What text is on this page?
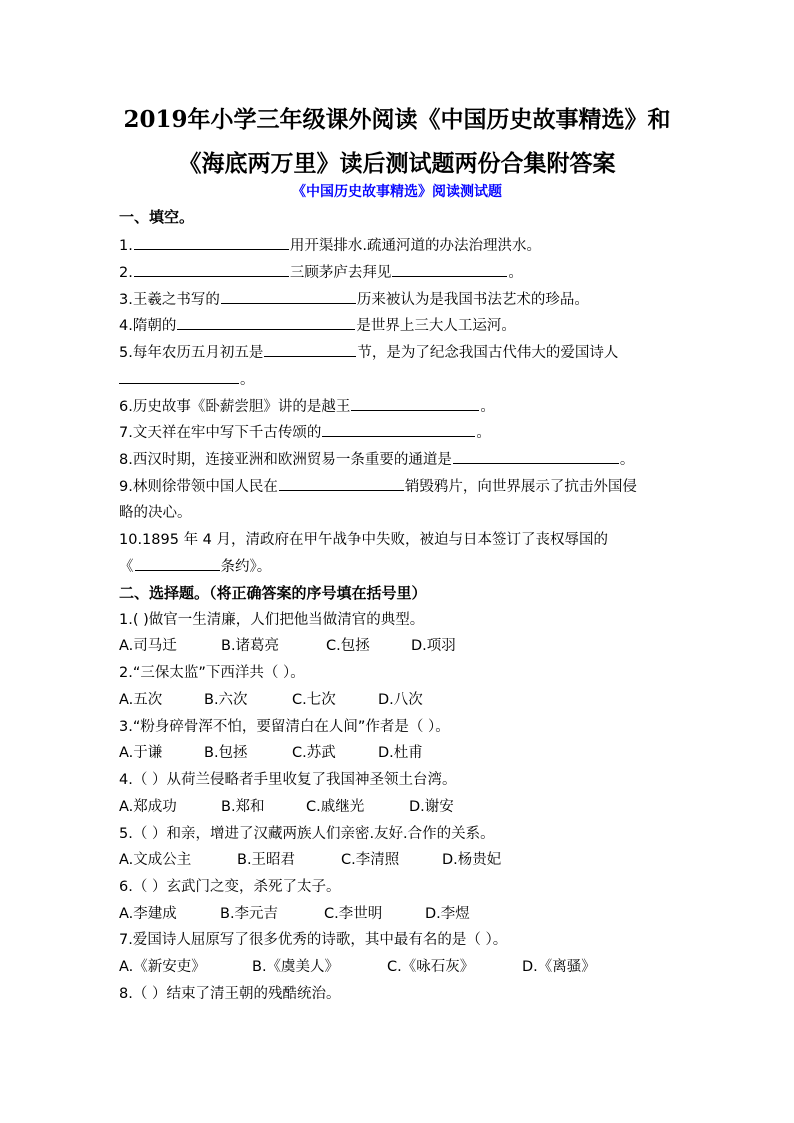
2019年小学三年级课外阅读《中国历史故事精选》和
《海底两万里》读后测试题两份合集附答案
《中国历史故事精选》阅读测试题
一、填空。
1.	用开渠排水.疏通河道的办法治理洪水。
2.	三顾茅庐去拜见	。
3.王羲之书写的	历来被认为是我国书法艺术的珍品。
4.隋朝的	是世界上三大人工运河。
5.每年农历五月初五是	节，是为了纪念我国古代伟大的爱国诗人
。
6.历史故事《卧薪尝胆》讲的是越王	。
7.文天祥在牢中写下千古传颂的	。
8.西汉时期，连接亚洲和欧洲贸易一条重要的通道是	。
9.林则徐带领中国人民在	销毁鸦片，向世界展示了抗击外国侵
略的决心。
10.1895 年 4 月，清政府在甲午战争中失败，被迫与日本签订了丧权辱国的
《	条约》。
二、选择题。（将正确答案的序号填在括号里）
1.( )做官一生清廉，人们把他当做清官的典型。
A.司马迁	B.诸葛亮	C.包拯	D.项羽
2.“三保太监”下西洋共（ ）。
A.五次	B.六次	C.七次	D.八次
3.“粉身碎骨浑不怕，要留清白在人间”作者是（ ）。
A.于谦	B.包拯	C.苏武	D.杜甫
4.（ ）从荷兰侵略者手里收复了我国神圣领土台湾。
A.郑成功	B.郑和	C.戚继光	D.谢安
5.（ ）和亲，增进了汉藏两族人们亲密.友好.合作的关系。
A.文成公主	B.王昭君	C.李清照	D.杨贵妃
6.（ ）玄武门之变，杀死了太子。
A.李建成	B.李元吉	C.李世明	D.李煜
7.爱国诗人屈原写了很多优秀的诗歌，其中最有名的是（ ）。
A.《新安吏》	B.《虞美人》	C.《咏石灰》	D.《离骚》
8.（ ）结束了清王朝的残酷统治。
